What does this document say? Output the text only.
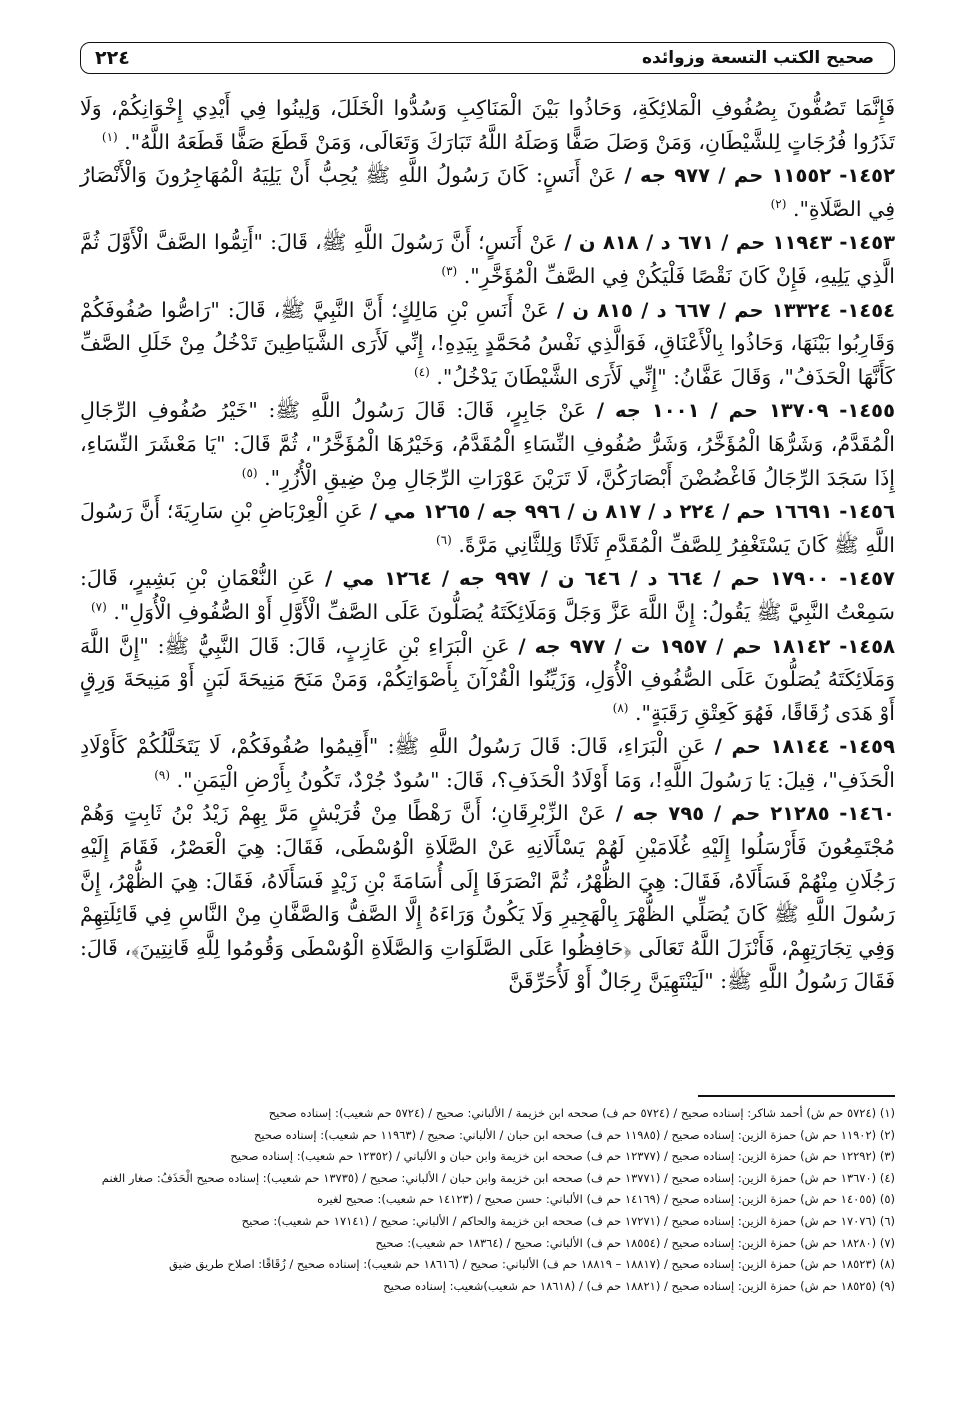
صحيح الكتب التسعة وزوائده
٢٢٤

فَإِنَّمَا تَصُفُّونَ بِصُفُوفِ الْمَلائِكَةِ، وَحَاذُوا بَيْنَ الْمَنَاكِبِ وَسُدُّوا الْخَلَلَ، وَلِينُوا فِي أَيْدِي إِخْوَانِكُمْ، وَلَا تَذَرُوا فُرُجَاتٍ لِلشَّيْطَانِ، وَمَنْ وَصَلَ صَفًّا وَصَلَهُ اللَّهُ تَبَارَكَ وَتَعَالَى، وَمَنْ قَطَعَ صَفًّا قَطَعَهُ اللَّهُ". $^{(١)}$

١٤٥٢- ١١٥٥٢ حم / ٩٧٧ جه / عَنْ أَنَسٍ: كَانَ رَسُولُ اللَّهِ ﷺ يُحِبُّ أَنْ يَلِيَهُ الْمُهَاجِرُونَ وَالْأَنْصَارُ فِي الصَّلَاةِ". $^{(٢)}$

١٤٥٣- ١١٩٤٣ حم / ٦٧١ د / ٨١٨ ن / عَنْ أَنَسٍ؛ أَنَّ رَسُولَ اللَّهِ ﷺ، قَالَ: "أَتِمُّوا الصَّفَّ الْأَوَّلَ ثُمَّ الَّذِي يَلِيهِ، فَإِنْ كَانَ نَقْصًا فَلْيَكُنْ فِي الصَّفِّ الْمُؤَخَّرِ". $^{(٣)}$

١٤٥٤- ١٣٣٢٤ حم / ٦٦٧ د / ٨١٥ ن / عَنْ أَنَسِ بْنِ مَالِكٍ؛ أَنَّ النَّبِيَّ ﷺ، قَالَ: "رَاصُّوا صُفُوفَكُمْ وَقَارِبُوا بَيْنَهَا، وَحَاذُوا بِالْأَعْنَاقِ، فَوَالَّذِي نَفْسُ مُحَمَّدٍ بِيَدِهِ!، إِنِّي لَأَرَى الشَّيَاطِينَ تَدْخُلُ مِنْ خَلَلِ الصَّفِّ كَأَنَّهَا الْحَذَفُ"، وَقَالَ عَفَّانُ: "إِنِّي لَأَرَى الشَّيْطَانَ يَدْخُلُ". $^{(٤)}$

١٤٥٥- ١٣٧٠٩ حم / ١٠٠١ جه / عَنْ جَابِرٍ، قَالَ: قَالَ رَسُولُ اللَّهِ ﷺ: "خَيْرُ صُفُوفِ الرِّجَالِ الْمُقَدَّمُ، وَشَرُّهَا الْمُؤَخَّرُ، وَشَرُّ صُفُوفِ النِّسَاءِ الْمُقَدَّمُ، وَخَيْرُهَا الْمُؤَخَّرُ"، ثُمَّ قَالَ: "يَا مَعْشَرَ النِّسَاءِ، إِذَا سَجَدَ الرِّجَالُ فَاغْضُضْنَ أَبْصَارَكُنَّ، لَا تَرَيْنَ عَوْرَاتِ الرِّجَالِ مِنْ ضِيقِ الْأُزُرِ". $^{(٥)}$

١٤٥٦- ١٦٦٩١ حم / ٢٢٤ د / ٨١٧ ن / ٩٩٦ جه / ١٢٦٥ مي / عَنِ الْعِرْبَاضِ بْنِ سَارِيَةَ؛ أَنَّ رَسُولَ اللَّهِ ﷺ كَانَ يَسْتَغْفِرُ لِلصَّفِّ الْمُقَدَّمِ ثَلَاثًا وَلِلثَّانِي مَرَّةً. $^{(٦)}$

١٤٥٧- ١٧٩٠٠ حم / ٦٦٤ د / ٦٤٦ ن / ٩٩٧ جه / ١٢٦٤ مي / عَنِ النُّعْمَانِ بْنِ بَشِيرٍ، قَالَ: سَمِعْتُ النَّبِيَّ ﷺ يَقُولُ: إِنَّ اللَّهَ عَزَّ وَجَلَّ وَمَلَائِكَتَهُ يُصَلُّونَ عَلَى الصَّفِّ الْأَوَّلِ أَوْ الصُّفُوفِ الْأُوَلِ". $^{(٧)}$

١٤٥٨- ١٨١٤٢ حم / ١٩٥٧ ت / ٩٧٧ جه / عَنِ الْبَرَاءِ بْنِ عَازِبٍ، قَالَ: قَالَ النَّبِيُّ ﷺ: "إِنَّ اللَّهَ وَمَلَائِكَتَهُ يُصَلُّونَ عَلَى الصُّفُوفِ الْأُوَلِ، وَزَيِّنُوا الْقُرْآنَ بِأَصْوَاتِكُمْ، وَمَنْ مَنَحَ مَنِيحَةَ لَبَنٍ أَوْ مَنِيحَةَ وَرِقٍ أَوْ هَدَى زُقَاقًا، فَهُوَ كَعِتْقِ رَقَبَةٍ". $^{(٨)}$

١٤٥٩- ١٨١٤٤ حم / عَنِ الْبَرَاءِ، قَالَ: قَالَ رَسُولُ اللَّهِ ﷺ: "أَقِيمُوا صُفُوفَكُمْ، لَا يَتَخَلَّلُكُمْ كَأَوْلَادِ الْحَذَفِ"، قِيلَ: يَا رَسُولَ اللَّهِ!، وَمَا أَوْلَادُ الْحَذَفِ؟، قَالَ: "سُودٌ جُرْدٌ، تَكُونُ بِأَرْضِ الْيَمَنِ". $^{(٩)}$

١٤٦٠- ٢١٢٨٥ حم / ٧٩٥ جه / عَنْ الزِّبْرِقَانِ؛ أَنَّ رَهْطًا مِنْ قُرَيْشٍ مَرَّ بِهِمْ زَيْدُ بْنُ ثَابِتٍ وَهُمْ مُجْتَمِعُونَ فَأَرْسَلُوا إِلَيْهِ غُلَامَيْنِ لَهُمْ يَسْأَلَانِهِ عَنْ الصَّلَاةِ الْوُسْطَى، فَقَالَ: هِيَ الْعَصْرُ، فَقَامَ إِلَيْهِ رَجُلَانِ مِنْهُمْ فَسَأَلَاهُ، فَقَالَ: هِيَ الظُّهْرُ، ثُمَّ انْصَرَفَا إِلَى أُسَامَةَ بْنِ زَيْدٍ فَسَأَلَاهُ، فَقَالَ: هِيَ الظُّهْرُ، إِنَّ رَسُولَ اللَّهِ ﷺ كَانَ يُصَلِّي الظُّهْرَ بِالْهَجِيرِ وَلَا يَكُونُ وَرَاءَهُ إِلَّا الصَّفُّ وَالصَّفَّانِ مِنْ النَّاسِ فِي قَائِلَتِهِمْ وَفِي تِجَارَتِهِمْ، فَأَنْزَلَ اللَّهُ تَعَالَى ﴿حَافِظُوا عَلَى الصَّلَوَاتِ وَالصَّلَاةِ الْوُسْطَى وَقُومُوا لِلَّهِ قَانِتِينَ﴾، قَالَ: فَقَالَ رَسُولُ اللَّهِ ﷺ: "لَيَنْتَهِيَنَّ رِجَالٌ أَوْ لَأُحَرِّقَنَّ

(١) (٥٧٢٤ حم ش) أحمد شاكر: إسناده صحيح / (٥٧٢٤ حم ف) صححه ابن خزيمة / الألباني: صحيح / (٥٧٢٤ حم شعيب): إسناده صحيح

(٢) (١١٩٠٢ حم ش) حمزة الزين: إسناده صحيح / (١١٩٨٥ حم ف) صححه ابن حبان / الألباني: صحيح / (١١٩٦٣ حم شعيب): إسناده صحيح

(٣) (١٢٢٩٢ حم ش) حمزة الزين: إسناده صحيح / (١٢٣٧٧ حم ف) صححه ابن خزيمة وابن حبان و الألباني / (١٢٣٥٢ حم شعيب): إسناده صحيح

(٤) (١٣٦٧٠ حم ش) حمزة الزين: إسناده صحيح / (١٣٧٧١ حم ف) صححه ابن خزيمة وابن حبان / الألباني: صحيح / (١٣٧٣٥ حم شعيب): إسناده صحيح الْحَذَفُ: صغار الغنم

(٥) (١٤٠٥٥ حم ش) حمزة الزين: إسناده صحيح / (١٤١٦٩ حم ف) الألباني: حسن صحيح / (١٤١٢٣ حم شعيب): صحيح لغيره

(٦) (١٧٠٧٦ حم ش) حمزة الزين: إسناده صحيح / (١٧٢٧١ حم ف) صححه ابن خزيمة والحاكم / الألباني: صحيح / (١٧١٤١ حم شعيب): صحيح

(٧) (١٨٢٨٠ حم ش) حمزة الزين: إسناده صحيح / (١٨٥٥٤ حم ف) الألباني: صحيح / (١٨٣٦٤ حم شعيب): صحيح

(٨) (١٨٥٢٣ حم ش) حمزة الزين: إسناده صحيح / (١٨٨١٧ – ١٨٨١٩ حم ف) الألباني: صحيح / (١٨٦١٦ حم شعيب): إسناده صحيح / زُقَاقًا: اصلاح طريق ضيق

(٩) (١٨٥٢٥ حم ش) حمزة الزين: إسناده صحيح / (١٨٨٢١ حم ف) / (١٨٦١٨ حم شعيب)شعيب: إسناده صحيح
